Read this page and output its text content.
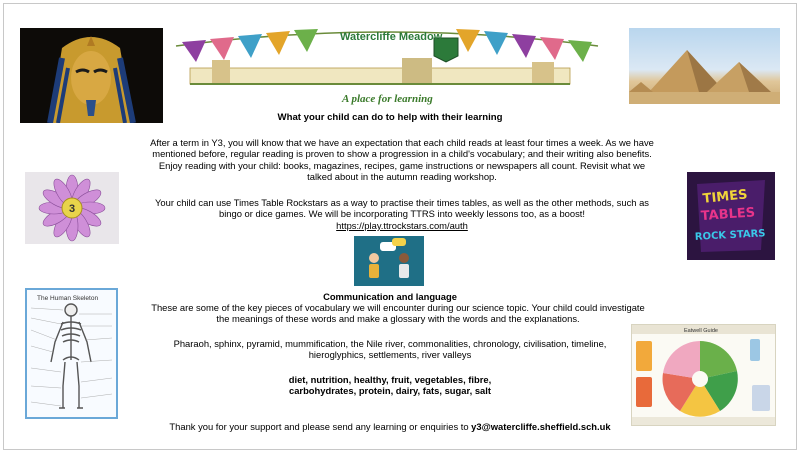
Watercliffe Meadow
A place for learning
What your child can do to help with their learning
After a term in Y3, you will know that we have an expectation that each child reads at least four times a week. As we have
mentioned before, regular reading is proven to show a progression in a child's vocabulary; and their writing also benefits.
Enjoy reading with your child: books, magazines, recipes, game instructions or newspapers all count. Revisit what we
talked about in the autumn reading workshop.
3
Your child can use Times Table Rockstars as a way to practise their times tables, as well as the other methods, such as
bingo or dice games. We will be incorporating TTRS into weekly lessons too, as a boost!
https://play.ttrockstars.com/auth
TIMES
TABLES
ROCK STARS
Communication and language
These are some of the key pieces of vocabulary we will encounter during our science topic. Your child could investigate
the meanings of these words and make a glossary with the words and the explanations.
The Human Skeleton
Pharaoh, sphinx, pyramid, mummification, the Nile river, commonalities, chronology, civilisation, timeline,
hieroglyphics, settlements, river valleys
diet, nutrition, healthy, fruit, vegetables, fibre,
carbohydrates, protein, dairy, fats, sugar, salt
Eatwell Guide
Thank you for your support and please send any learning or enquiries to y3@watercliffe.sheffield.sch.uk
